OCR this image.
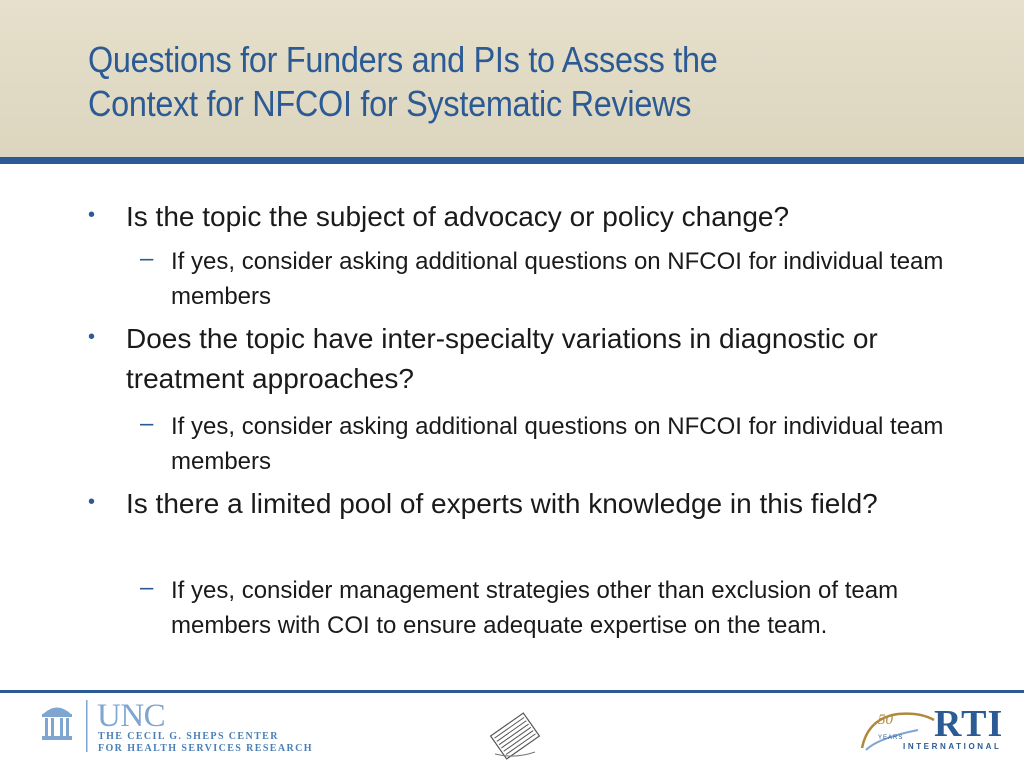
Questions for Funders and PIs to Assess the
Context for NFCOI for Systematic Reviews
• Is the topic the subject of advocacy or policy change?

– If yes, consider asking additional questions on NFCOI for individual team members

• Does the topic have inter-specialty variations in diagnostic or treatment approaches?

– If yes, consider asking additional questions on NFCOI for individual team members

• Is there a limited pool of experts with knowledge in this field?

– If yes, consider management strategies other than exclusion of team members with COI to ensure adequate expertise on the team.

UNC
THE CECIL G. SHEPS CENTER
FOR HEALTH SERVICES RESEARCH
50
YEARS RTI
INTERNATIONAL
